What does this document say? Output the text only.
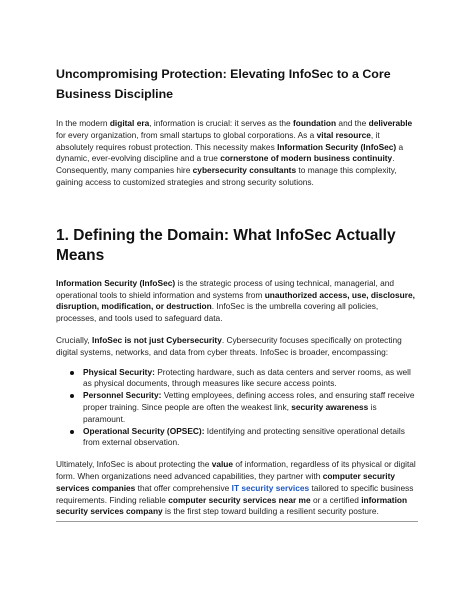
Uncompromising Protection: Elevating InfoSec to a Core Business Discipline

In the modern digital era, information is crucial: it serves as the foundation and the deliverable for every organization, from small startups to global corporations. As a vital resource, it absolutely requires robust protection. This necessity makes Information Security (InfoSec) a dynamic, ever-evolving discipline and a true cornerstone of modern business continuity. Consequently, many companies hire cybersecurity consultants to manage this complexity, gaining access to customized strategies and strong security solutions.

1. Defining the Domain: What InfoSec Actually Means

Information Security (InfoSec) is the strategic process of using technical, managerial, and operational tools to shield information and systems from unauthorized access, use, disclosure, disruption, modification, or destruction. InfoSec is the umbrella covering all policies, processes, and tools used to safeguard data.

Crucially, InfoSec is not just Cybersecurity. Cybersecurity focuses specifically on protecting digital systems, networks, and data from cyber threats. InfoSec is broader, encompassing:

Physical Security: Protecting hardware, such as data centers and server rooms, as well as physical documents, through measures like secure access points.
Personnel Security: Vetting employees, defining access roles, and ensuring staff receive proper training. Since people are often the weakest link, security awareness is paramount.
Operational Security (OPSEC): Identifying and protecting sensitive operational details from external observation.

Ultimately, InfoSec is about protecting the value of information, regardless of its physical or digital form. When organizations need advanced capabilities, they partner with computer security services companies that offer comprehensive IT security services tailored to specific business requirements. Finding reliable computer security services near me or a certified information security services company is the first step toward building a resilient security posture.
